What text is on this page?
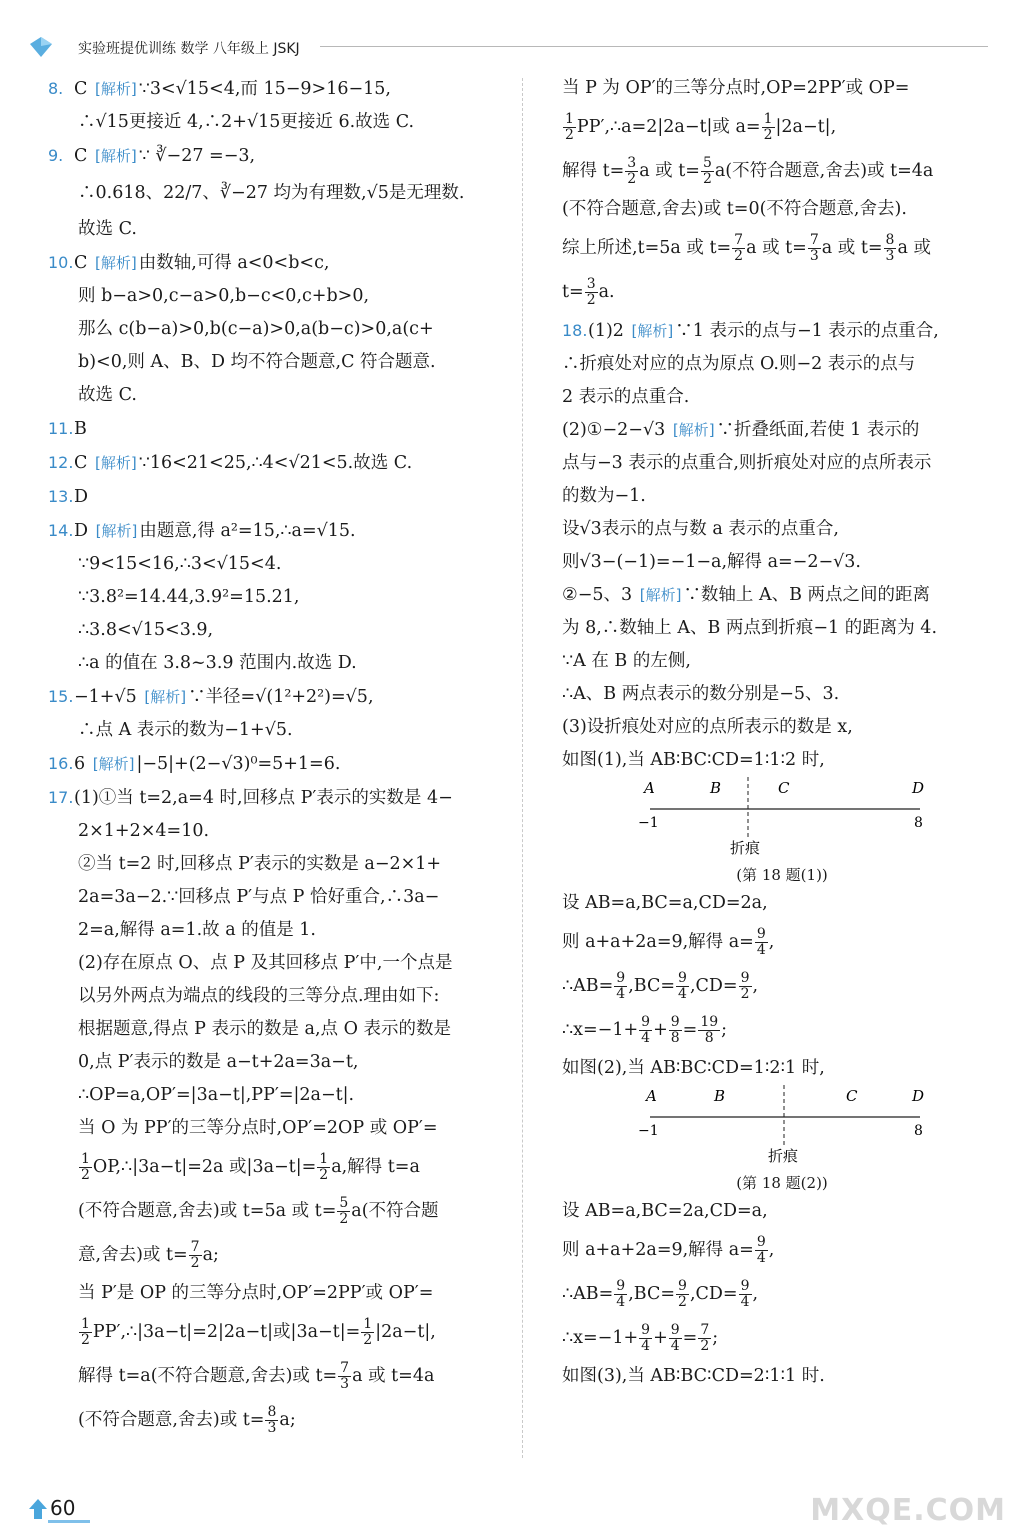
实验班提优训练 数学 八年级上 JSKJ
8. C [解析] ∵3<√15<4,而 15−9>16−15,
∴√15更接近 4,∴2+√15更接近 6.故选 C.
9. C [解析] ∵ ∛−27 =−3,
∴0.618、22/7、∛−27 均为有理数,√5是无理数.
故选 C.
10.C [解析] 由数轴,可得 a<0<b<c,
则 b−a>0,c−a>0,b−c<0,c+b>0,
那么 c(b−a)>0,b(c−a)>0,a(b−c)>0,a(c+
b)<0,则 A、B、D 均不符合题意,C 符合题意.
故选 C.
11.B
12.C [解析] ∵16<21<25,∴4<√21<5.故选 C.
13.D
14.D [解析] 由题意,得 a²=15,∴a=√15.
∵9<15<16,∴3<√15<4.
∵3.8²=14.44,3.9²=15.21,
∴3.8<√15<3.9,
∴a 的值在 3.8~3.9 范围内.故选 D.
15.−1+√5 [解析] ∵半径=√(1²+2²)=√5,
∴点 A 表示的数为−1+√5.
16.6 [解析] |−5|+(2−√3)⁰=5+1=6.
17.(1)①当 t=2,a=4 时,回移点 P′表示的实数是 4−
2×1+2×4=10.
②当 t=2 时,回移点 P′表示的实数是 a−2×1+
2a=3a−2.∵回移点 P′与点 P 恰好重合,∴3a−
2=a,解得 a=1.故 a 的值是 1.
(2)存在原点 O、点 P 及其回移点 P′中,一个点是
以另外两点为端点的线段的三等分点.理由如下:
根据题意,得点 P 表示的数是 a,点 O 表示的数是
0,点 P′表示的数是 a−t+2a=3a−t,
∴OP=a,OP′=|3a−t|,PP′=|2a−t|.
当 O 为 PP′的三等分点时,OP′=2OP 或 OP′=
$\frac{1}{2}$ OP,∴|3a−t|=2a 或$|3a-t|= \frac{1}{2} a$,解得 t=a
(不符合题意,舍去)或 t=5a 或 $t= \frac{5}{2} a$(不符合题
意,舍去)或 $t= \frac{7}{2} a$;
当 P′是 OP 的三等分点时,OP′=2PP′或 OP′=
$\frac{1}{2}$ PP′,∴|3a−t|=2|2a−t|或$|3a-t|= \frac{1}{2} |2a-t|$,
解得 t=a(不符合题意,舍去)或 $t= \frac{7}{3}$ a 或 t=4a
(不符合题意,舍去)或 $t= \frac{8}{3} a$;
当 P 为 OP′的三等分点时,OP=2PP′或 OP=
$\frac{1}{2}$ PP′,∴a=2|2a−t|或 $a= \frac{1}{2} |2a-t|$,
解得 $t= \frac{3}{2}$ a 或 $t= \frac{5}{2} a$(不符合题意,舍去)或 t=4a
(不符合题意,舍去)或 t=0(不符合题意,舍去).
综上所述,t=5a 或 $t= \frac{7}{2}$ a 或 $t= \frac{7}{3}$ a 或 $t= \frac{8}{3}$ a 或
$t= \frac{3}{2} a$.
18.(1)2 [解析] ∵1 表示的点与−1 表示的点重合,
∴折痕处对应的点为原点 O.则−2 表示的点与
2 表示的点重合.
(2)①−2−√3 [解析] ∵折叠纸面,若使 1 表示的
点与−3 表示的点重合,则折痕处对应的点所表示
的数为−1.
设√3表示的点与数 a 表示的点重合,
则√3−(−1)=−1−a,解得 a=−2−√3.
②−5、3 [解析] ∵数轴上 A、B 两点之间的距离
为 8,∴数轴上 A、B 两点到折痕−1 的距离为 4.
∵A 在 B 的左侧,
∴A、B 两点表示的数分别是−5、3.
(3)设折痕处对应的点所表示的数是 x,
如图(1),当 AB∶BC∶CD=1∶1∶2 时,
A	B	C	D
−1	8
折痕
(第 18 题(1))
设 AB=a,BC=a,CD=2a,
则 a+a+2a=9,解得 $a= \frac{9}{4}$ ,
∴AB= $\frac{9}{4} ,BC= \frac{9}{4} ,CD= \frac{9}{2}$ ,
∴x=−1+ $\frac{9}{4} + \frac{9}{8} = \frac{19}{8}$ ;
如图(2),当 AB∶BC∶CD=1∶2∶1 时,
A	B	C	D
−1	8
折痕
(第 18 题(2))
设 AB=a,BC=2a,CD=a,
则 a+a+2a=9,解得 $a= \frac{9}{4}$ ,
∴AB= $\frac{9}{4} ,BC= \frac{9}{2} ,CD= \frac{9}{4}$ ,
∴x=−1+ $\frac{9}{4} + \frac{9}{4} = \frac{7}{2}$ ;
如图(3),当 AB∶BC∶CD=2∶1∶1 时.
60	MXQE.COM
